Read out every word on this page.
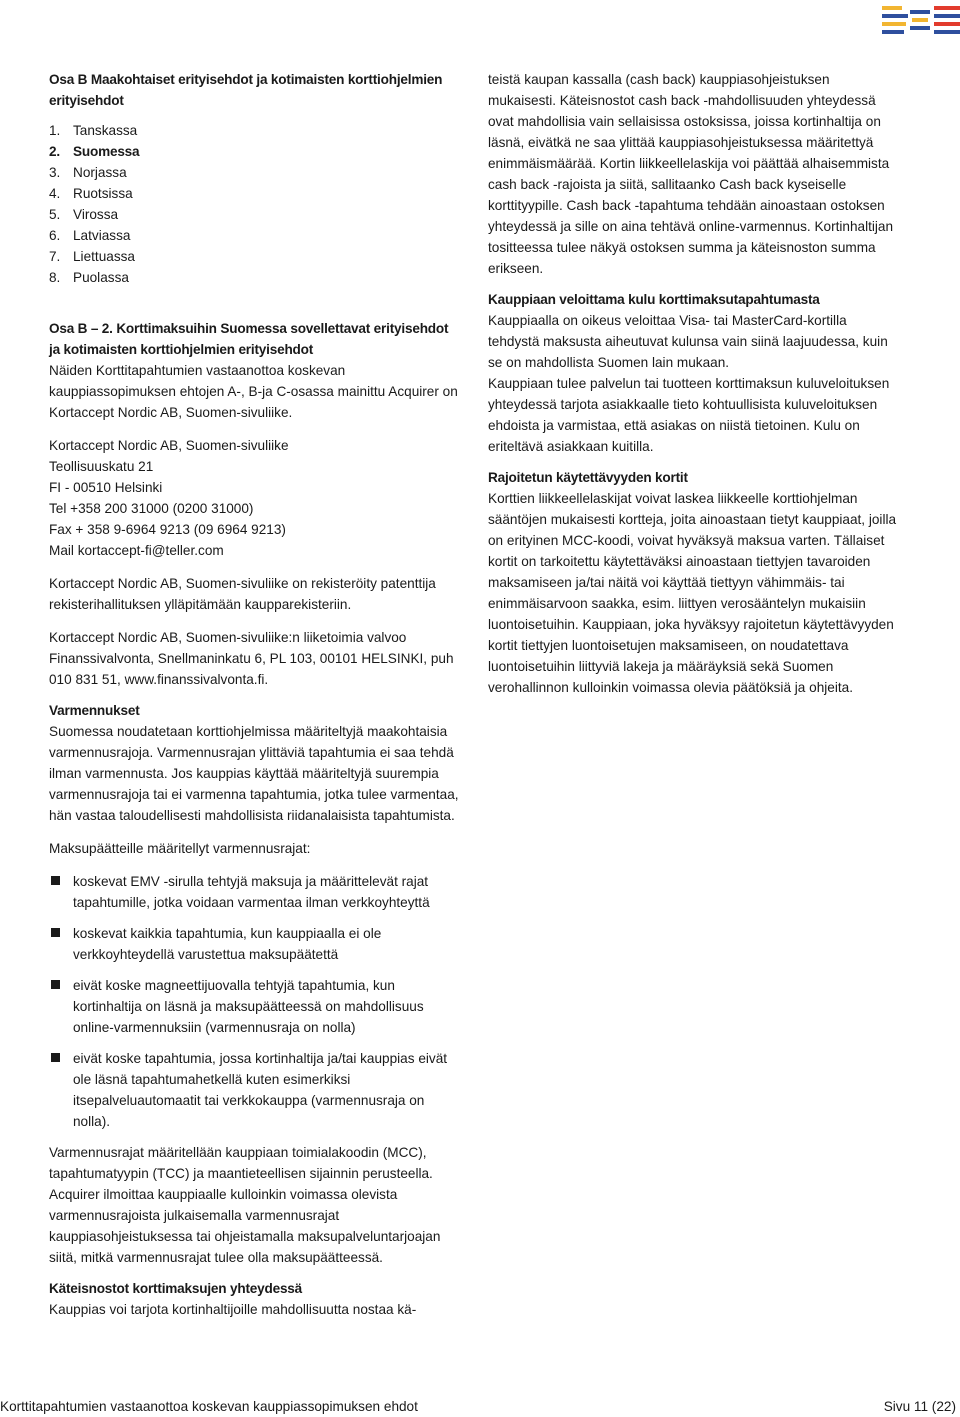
Osa B Maakohtaiset erityisehdot ja kotimaisten korttiohjelmien erityisehdot

1. Tanskassa
2. Suomessa
3. Norjassa
4. Ruotsissa
5. Virossa
6. Latviassa
7. Liettuassa
8. Puolassa

Osa B – 2. Korttimaksuihin Suomessa sovellettavat erityisehdot ja kotimaisten korttiohjelmien erityisehdot

Näiden Korttitapahtumien vastaanottoa koskevan kauppiassopimuksen ehtojen A-, B-ja C-osassa mainittu Acquirer on Kortaccept Nordic AB, Suomen-sivuliike.

Kortaccept Nordic AB, Suomen-sivuliike

Teollisuuskatu 21

FI - 00510 Helsinki

Tel +358 200 31000 (0200 31000)

Fax + 358 9-6964 9213 (09 6964 9213)

Mail kortaccept-fi@teller.com

Kortaccept Nordic AB, Suomen-sivuliike on rekisteröity patenttija rekisterihallituksen ylläpitämään kaupparekisteriin.

Kortaccept Nordic AB, Suomen-sivuliike:n liiketoimia valvoo Finanssivalvonta, Snellmaninkatu 6, PL 103, 00101 HELSINKI, puh 010 831 51, www.finanssivalvonta.fi.

Varmennukset

Suomessa noudatetaan korttiohjelmissa määriteltyjä maakohtaisia varmennusrajoja. Varmennusrajan ylittäviä tapahtumia ei saa tehdä ilman varmennusta. Jos kauppias käyttää määriteltyjä suurempia varmennusrajoja tai ei varmenna tapahtumia, jotka tulee varmentaa, hän vastaa taloudellisesti mahdollisista riidanalaisista tapahtumista.

Maksupäätteille määritellyt varmennusrajat:

koskevat EMV -sirulla tehtyjä maksuja ja määrittelevät rajat tapahtumille, jotka voidaan varmentaa ilman verkkoyhteyttä
koskevat kaikkia tapahtumia, kun kauppiaalla ei ole verkkoyhteydellä varustettua maksupäätettä
eivät koske magneettijuovalla tehtyjä tapahtumia, kun kortinhaltija on läsnä ja maksupäätteessä on mahdollisuus online-varmennuksiin (varmennusraja on nolla)
eivät koske tapahtumia, jossa kortinhaltija ja/tai kauppias eivät ole läsnä tapahtumahetkellä kuten esimerkiksi itsepalveluautomaatit tai verkkokauppa (varmennusraja on nolla).

Varmennusrajat määritellään kauppiaan toimialakoodin (MCC), tapahtumatyypin (TCC) ja maantieteellisen sijainnin perusteella. Acquirer ilmoittaa kauppiaalle kulloinkin voimassa olevista varmennusrajoista julkaisemalla varmennusrajat kauppiasohjeistuksessa tai ohjeistamalla maksupalveluntarjoajan siitä, mitkä varmennusrajat tulee olla maksupäätteessä.

Käteisnostot korttimaksujen yhteydessä

Kauppias voi tarjota kortinhaltijoille mahdollisuutta nostaa kä-

teistä kaupan kassalla (cash back) kauppiasohjeistuksen mukaisesti. Käteisnostot cash back -mahdollisuuden yhteydessä ovat mahdollisia vain sellaisissa ostoksissa, joissa kortinhaltija on läsnä, eivätkä ne saa ylittää kauppiasohjeistuksessa määritettyä enimmäismäärää. Kortin liikkeellelaskija voi päättää alhaisemmista cash back -rajoista ja siitä, sallitaanko Cash back kyseiselle korttityypille. Cash back -tapahtuma tehdään ainoastaan ostoksen yhteydessä ja sille on aina tehtävä online-varmennus. Kortinhaltijan tositteessa tulee näkyä ostoksen summa ja käteisnoston summa erikseen.

Kauppiaan veloittama kulu korttimaksutapahtumasta

Kauppiaalla on oikeus veloittaa Visa- tai MasterCard-kortilla tehdystä maksusta aiheutuvat kulunsa vain siinä laajuudessa, kuin se on mahdollista Suomen lain mukaan.

Kauppiaan tulee palvelun tai tuotteen korttimaksun kuluveloituksen yhteydessä tarjota asiakkaalle tieto kohtuullisista kuluveloituksen ehdoista ja varmistaa, että asiakas on niistä tietoinen. Kulu on eriteltävä asiakkaan kuitilla.

Rajoitetun käytettävyyden kortit

Korttien liikkeellelaskijat voivat laskea liikkeelle korttiohjelman sääntöjen mukaisesti kortteja, joita ainoastaan tietyt kauppiaat, joilla on erityinen MCC-koodi, voivat hyväksyä maksua varten. Tällaiset kortit on tarkoitettu käytettäväksi ainoastaan tiettyjen tavaroiden maksamiseen ja/tai näitä voi käyttää tiettyyn vähimmäis- tai enimmäisarvoon saakka, esim. liittyen verosääntelyn mukaisiin luontoisetuihin. Kauppiaan, joka hyväksyy rajoitetun käytettävyyden kortit tiettyjen luontoisetujen maksamiseen, on noudatettava luontoisetuihin liittyviä lakeja ja määräyksiä sekä Suomen verohallinnon kulloinkin voimassa olevia päätöksiä ja ohjeita.

Korttitapahtumien vastaanottoa koskevan kauppiassopimuksen ehdot	Sivu 11 (22)
